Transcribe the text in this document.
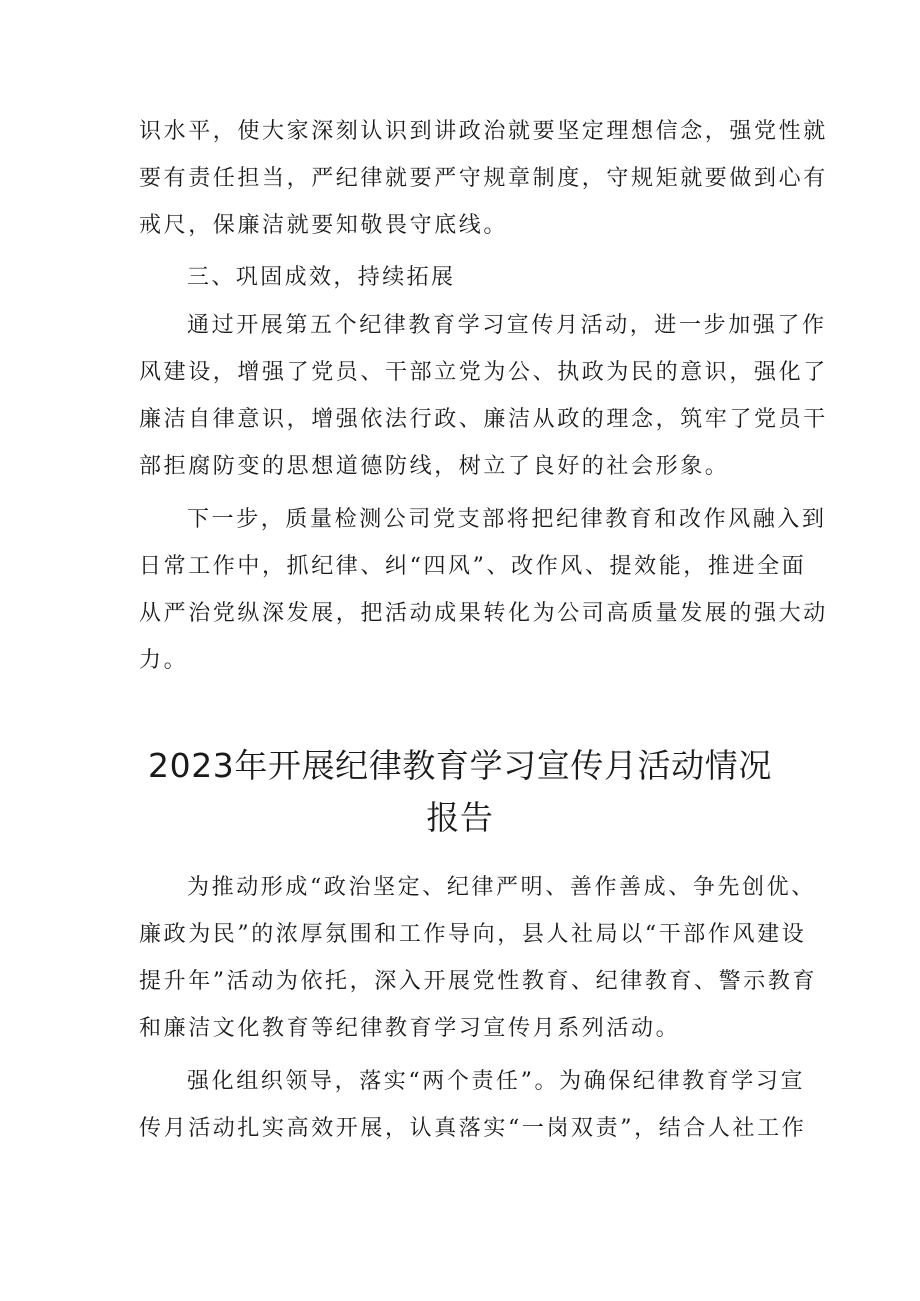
识水平，使大家深刻认识到讲政治就要坚定理想信念，强党性就
要有责任担当，严纪律就要严守规章制度，守规矩就要做到心有
戒尺，保廉洁就要知敬畏守底线。
三、巩固成效，持续拓展
通过开展第五个纪律教育学习宣传月活动，进一步加强了作
风建设，增强了党员、干部立党为公、执政为民的意识，强化了
廉洁自律意识，增强依法行政、廉洁从政的理念，筑牢了党员干
部拒腐防变的思想道德防线，树立了良好的社会形象。
下一步，质量检测公司党支部将把纪律教育和改作风融入到
日常工作中，抓纪律、纠“四风”、改作风、提效能，推进全面
从严治党纵深发展，把活动成果转化为公司高质量发展的强大动
力。
2023年开展纪律教育学习宣传月活动情况
报告
为推动形成“政治坚定、纪律严明、善作善成、争先创优、
廉政为民”的浓厚氛围和工作导向，县人社局以“干部作风建设
提升年”活动为依托，深入开展党性教育、纪律教育、警示教育
和廉洁文化教育等纪律教育学习宣传月系列活动。
强化组织领导，落实“两个责任”。为确保纪律教育学习宣
传月活动扎实高效开展，认真落实“一岗双责”，结合人社工作
